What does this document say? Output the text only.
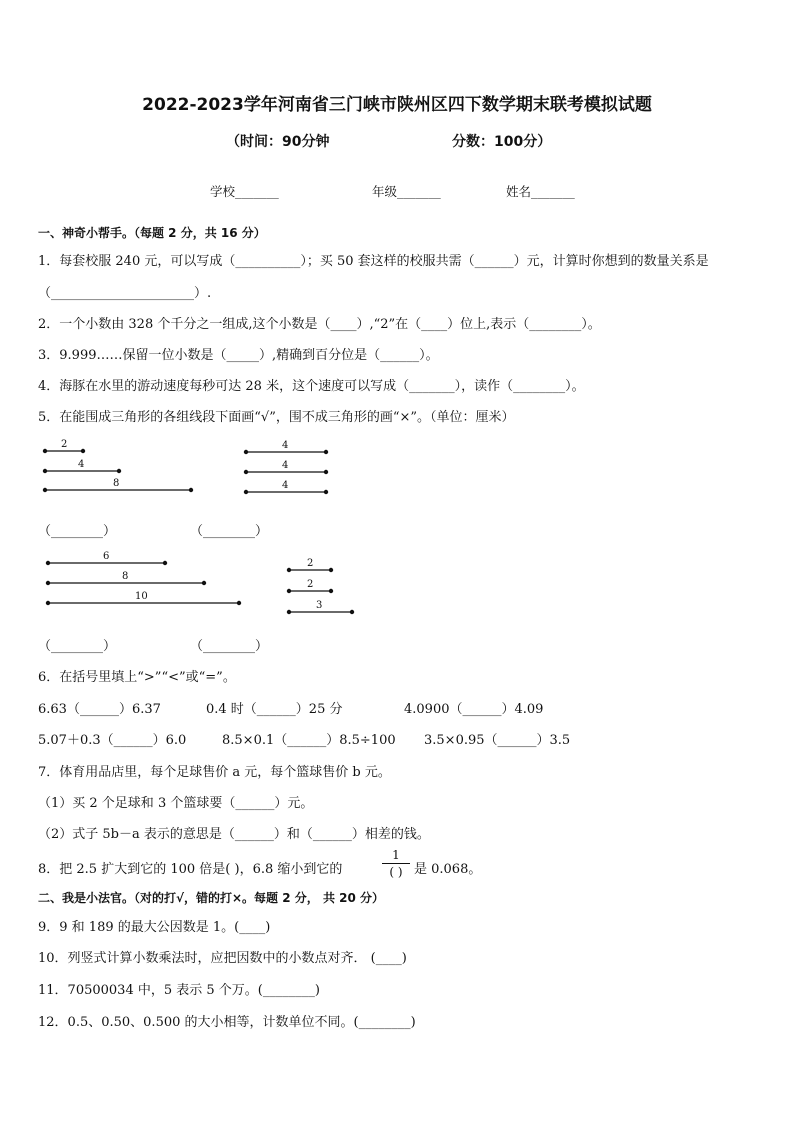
2022-2023学年河南省三门峡市陕州区四下数学期末联考模拟试题
（时间：90分钟	分数：100分）
学校_______	年级_______	姓名_______
一、神奇小帮手。（每题 2 分，共 16 分）
1．每套校服 240 元，可以写成（__________）；买 50 套这样的校服共需（______）元，计算时你想到的数量关系是
（______________________）.
2．一个小数由 328 个千分之一组成,这个小数是（____）,“2”在（____）位上,表示（________）。
3．9.999……保留一位小数是（_____）,精确到百分位是（______）。
4．海豚在水里的游动速度每秒可达 28 米，这个速度可以写成（_______），读作（________）。
5．在能围成三角形的各组线段下面画“√”，围不成三角形的画“×”。（单位：厘米）
2
4
8
4
4
4
6
8
10
2
2
3
（________）	（________）
（________）	（________）
6．在括号里填上“>”“<”或“=”。
6.63（______）6.37	0.4 时（______）25 分	4.0900（______）4.09
5.07＋0.3（______）6.0	8.5×0.1（______）8.5÷100 3.5×0.95（______）3.5
7．体育用品店里，每个足球售价 a 元，每个篮球售价 b 元。
（1）买 2 个足球和 3 个篮球要（______）元。
（2）式子 5b－a 表示的意思是（______）和（______）相差的钱。
8．把 2.5 扩大到它的 100 倍是( )，6.8 缩小到它的
1
( ) 是 0.068。
二、我是小法官。（对的打√，错的打×。每题 2 分， 共 20 分）
9．9 和 189 的最大公因数是 1。(____)
10．列竖式计算小数乘法时，应把因数中的小数点对齐． (____)
11．70500034 中，5 表示 5 个万。(________)
12．0.5、0.50、0.500 的大小相等，计数单位不同。(________)
